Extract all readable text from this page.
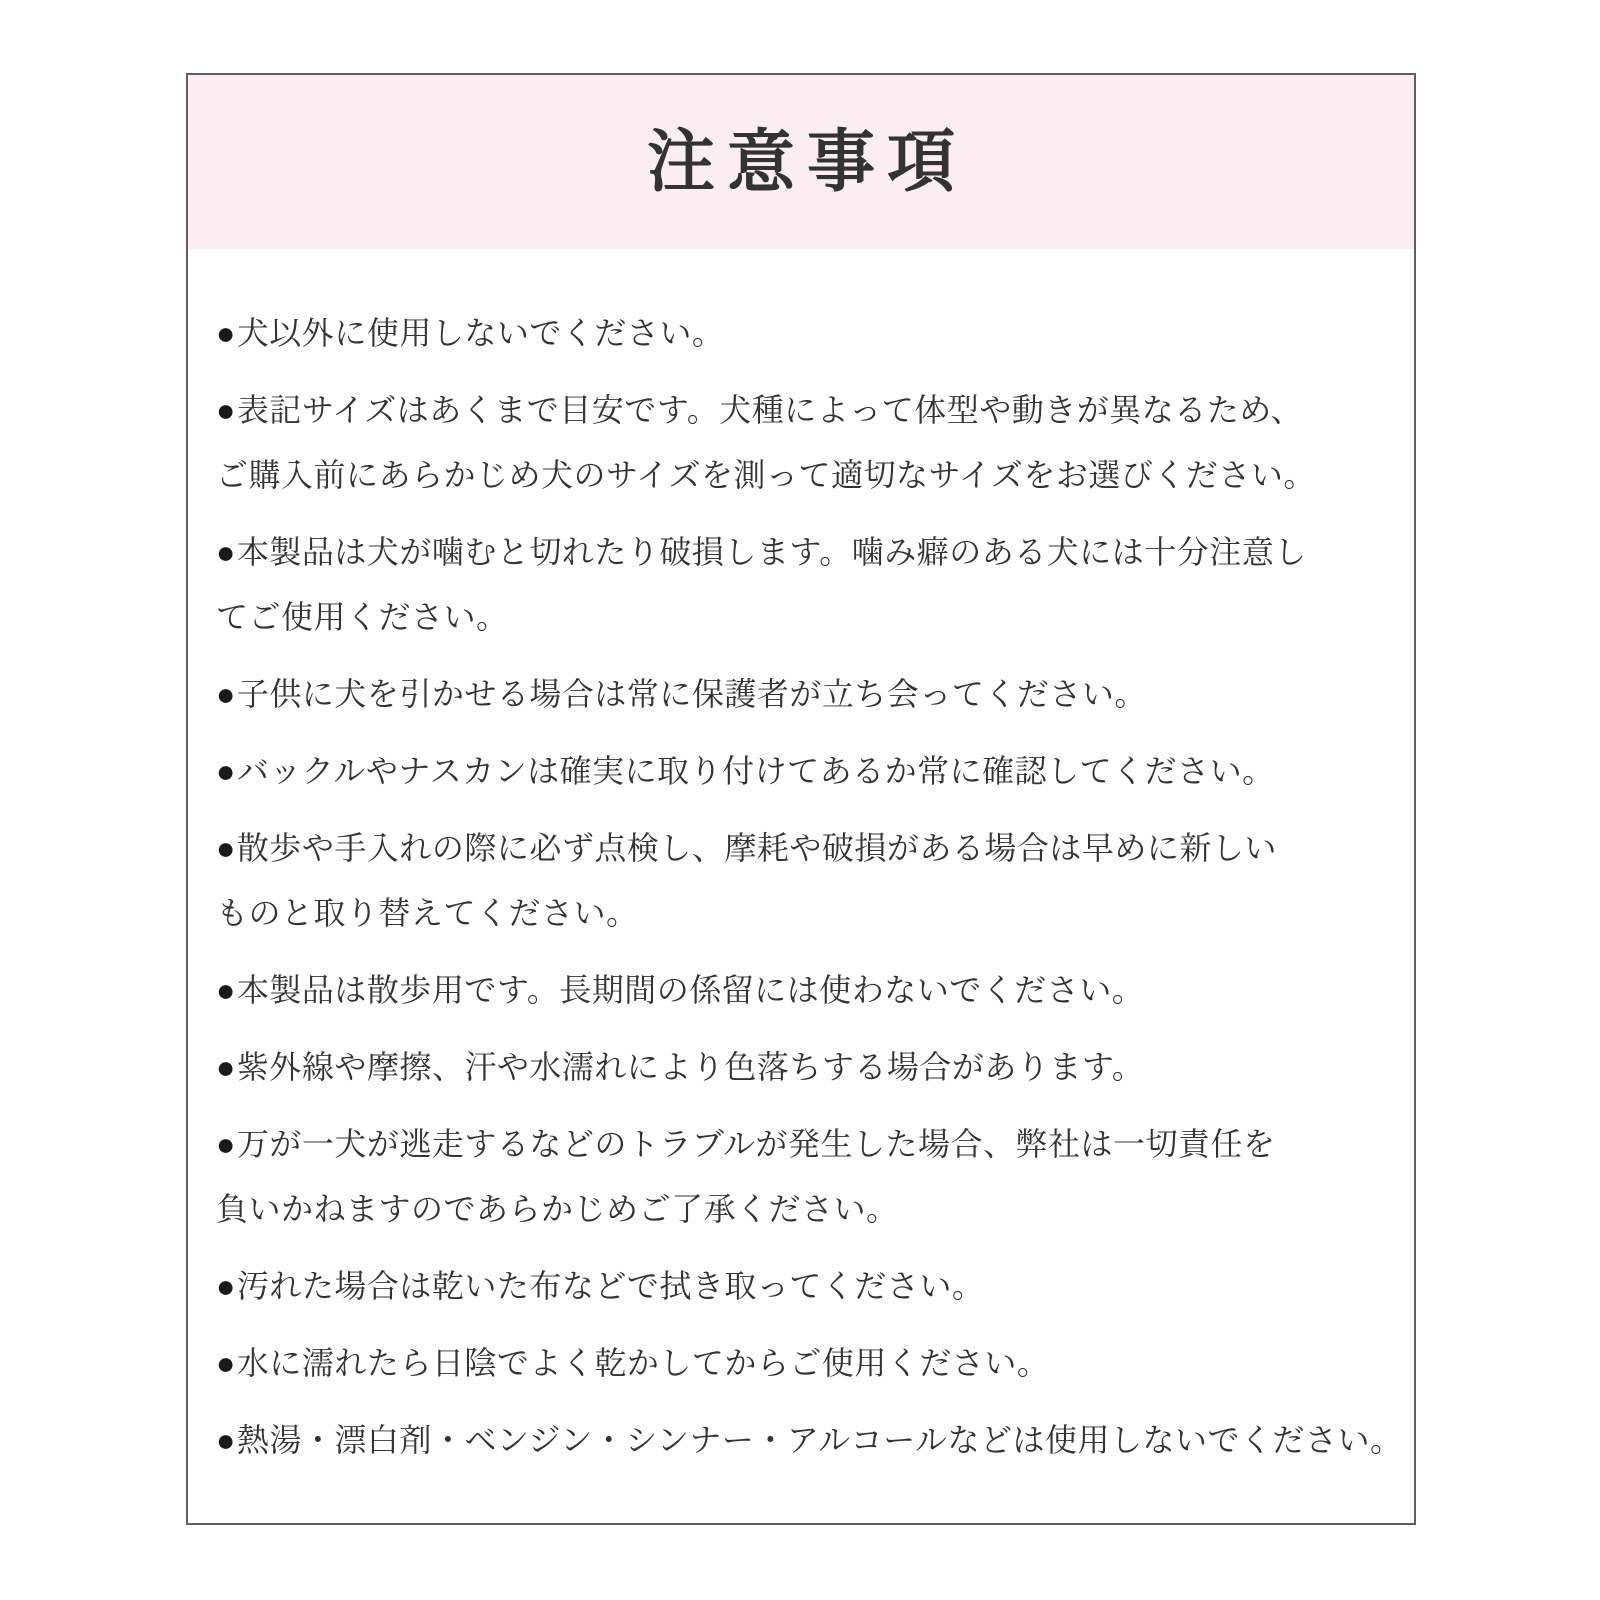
注意事項
●犬以外に使用しないでください。
●表記サイズはあくまで目安です。犬種によって体型や動きが異なるため、
ご購入前にあらかじめ犬のサイズを測って適切なサイズをお選びください。
●本製品は犬が噛むと切れたり破損します。噛み癖のある犬には十分注意し
てご使用ください。
●子供に犬を引かせる場合は常に保護者が立ち会ってください。
●バックルやナスカンは確実に取り付けてあるか常に確認してください。
●散歩や手入れの際に必ず点検し、摩耗や破損がある場合は早めに新しい
ものと取り替えてください。
●本製品は散歩用です。長期間の係留には使わないでください。
●紫外線や摩擦、汗や水濡れにより色落ちする場合があります。
●万が一犬が逃走するなどのトラブルが発生した場合、弊社は一切責任を
負いかねますのであらかじめご了承ください。
●汚れた場合は乾いた布などで拭き取ってください。
●水に濡れたら日陰でよく乾かしてからご使用ください。
●熱湯・漂白剤・ベンジン・シンナー・アルコールなどは使用しないでください。
